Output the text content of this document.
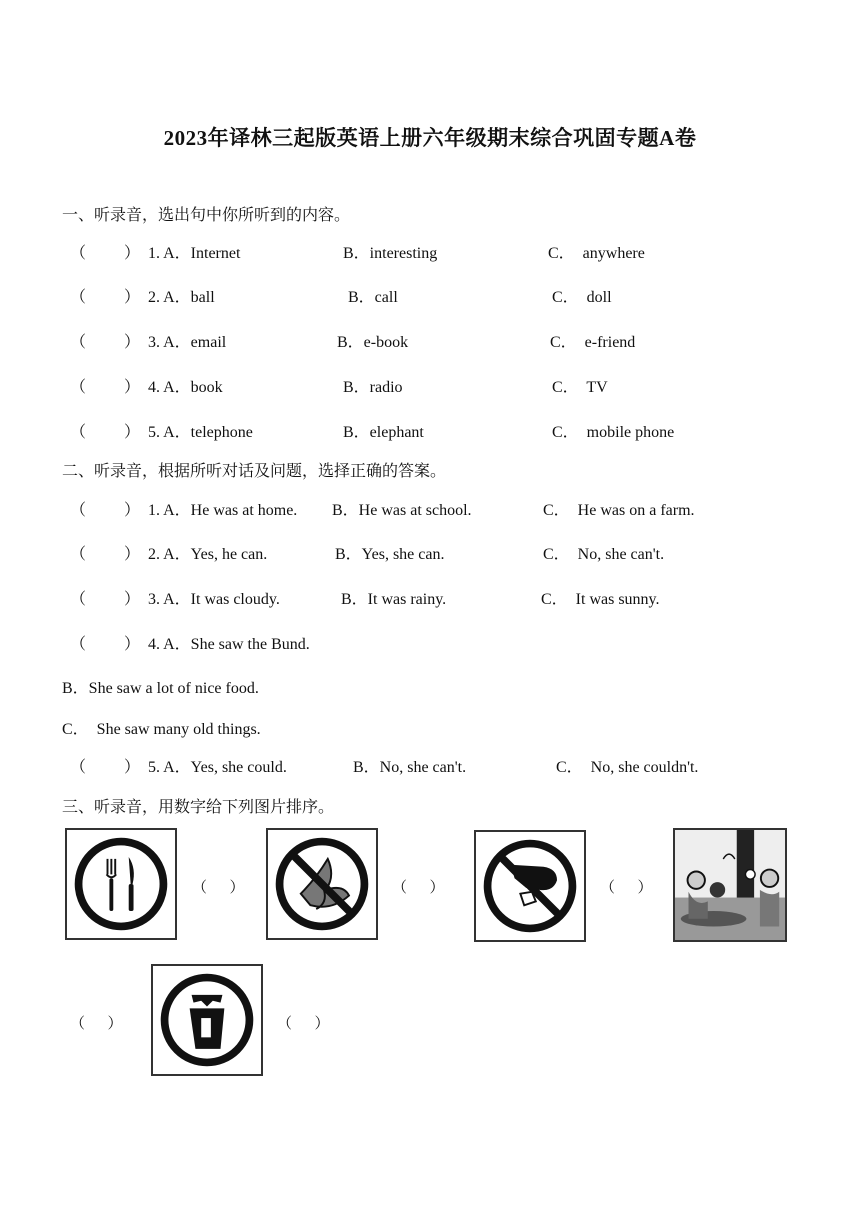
2023年译林三起版英语上册六年级期末综合巩固专题A卷
一、听录音，选出句中你所听到的内容。
（ ） 1. A．Internet	B．interesting	C．  anywhere
（ ） 2. A．ball	B．call	C．  doll
（ ） 3. A．email	B．e-book	C．  e-friend
（ ） 4. A．book	B．radio	C．  TV
（ ） 5. A．telephone	B．elephant	C．  mobile phone
二、听录音，根据所听对话及问题，选择正确的答案。
（ ） 1. A．He was at home. B．He was at school.	C．  He was on a farm.
（ ） 2. A．Yes, he can.	B．Yes, she can.	C．  No, she can't.
（ ） 3. A．It was cloudy.	B．It was rainy.	C．  It was sunny.
（ ） 4. A．She saw the Bund.
B．She saw a lot of nice food.
C．  She saw many old things.
（ ） 5. A．Yes, she could.	B．No, she can't.	C．  No, she couldn't.
三、听录音，用数字给下列图片排序。
（      ）	（      ）	（      ）
（      ）	（      ）
